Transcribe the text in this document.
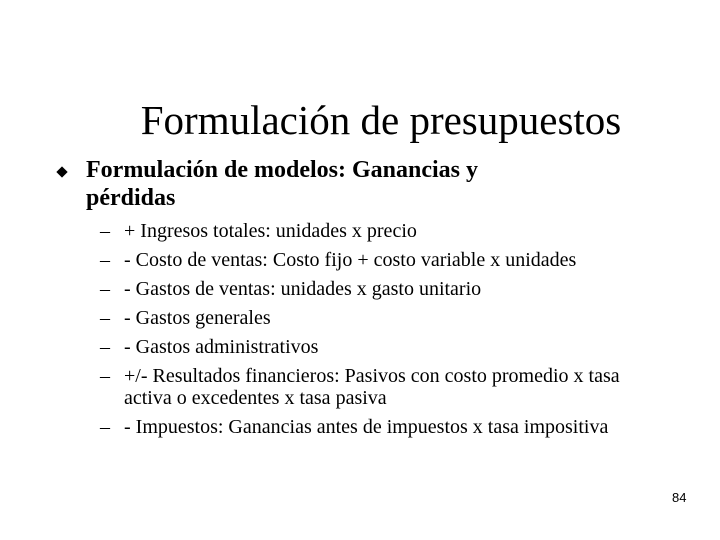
Formulación de presupuestos
Formulación de modelos: Ganancias y pérdidas
– + Ingresos totales: unidades x precio
– - Costo de ventas: Costo fijo + costo variable x unidades
– - Gastos de ventas: unidades x gasto unitario
– - Gastos generales
– - Gastos administrativos
– +/- Resultados financieros: Pasivos con costo promedio x tasa activa o excedentes x tasa pasiva
– - Impuestos: Ganancias antes de impuestos x tasa impositiva
84
